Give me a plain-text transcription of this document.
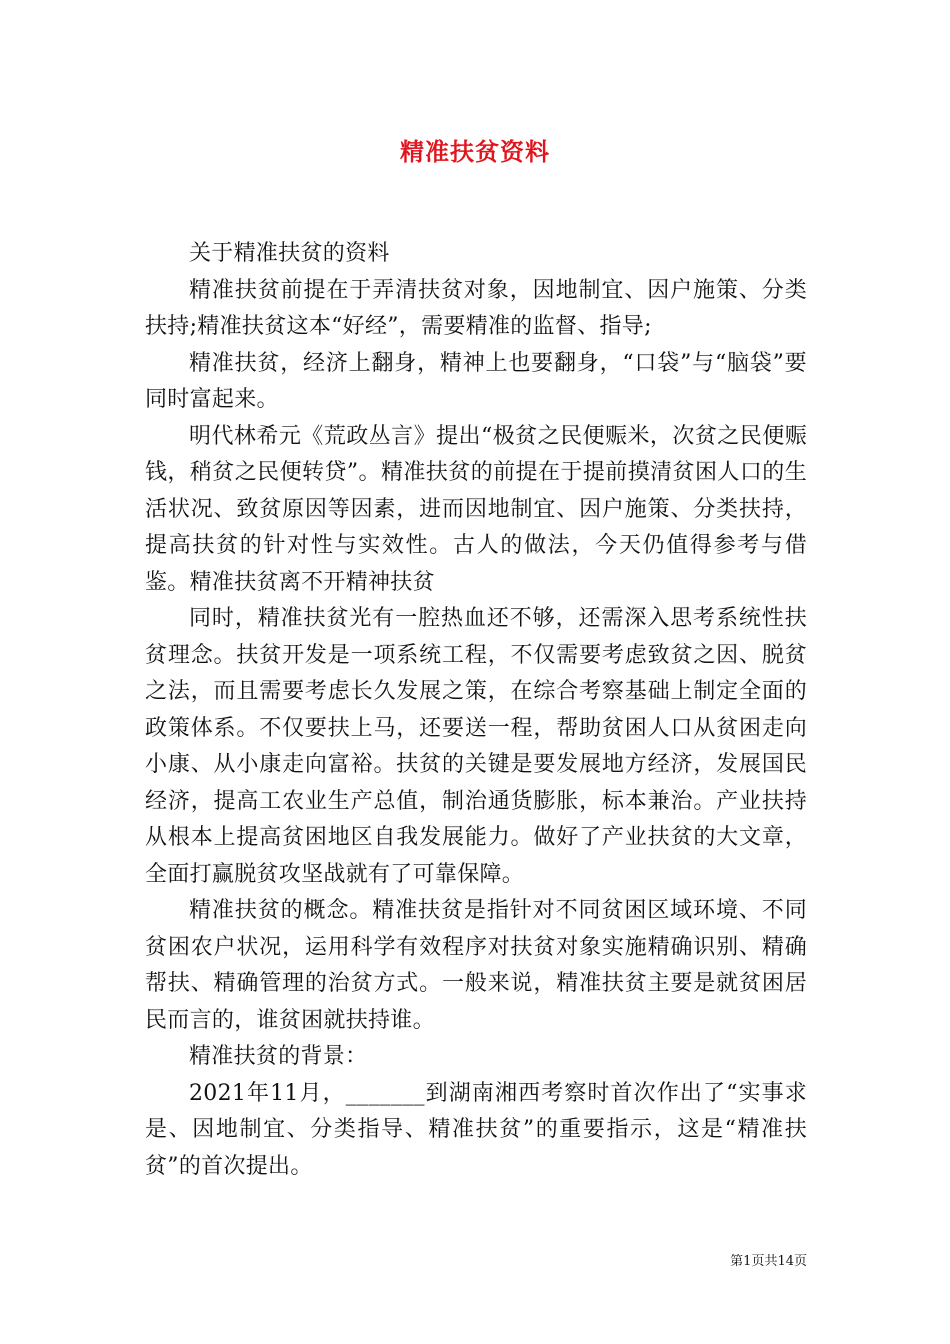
精准扶贫资料

关于精准扶贫的资料

精准扶贫前提在于弄清扶贫对象，因地制宜、因户施策、分类扶持;精准扶贫这本“好经”，需要精准的监督、指导;

精准扶贫，经济上翻身，精神上也要翻身，“口袋”与“脑袋”要同时富起来。

明代林希元《荒政丛言》提出“极贫之民便赈米，次贫之民便赈钱，稍贫之民便转贷”。精准扶贫的前提在于提前摸清贫困人口的生活状况、致贫原因等因素，进而因地制宜、因户施策、分类扶持，提高扶贫的针对性与实效性。古人的做法，今天仍值得参考与借鉴。精准扶贫离不开精神扶贫

同时，精准扶贫光有一腔热血还不够，还需深入思考系统性扶贫理念。扶贫开发是一项系统工程，不仅需要考虑致贫之因、脱贫之法，而且需要考虑长久发展之策，在综合考察基础上制定全面的政策体系。不仅要扶上马，还要送一程，帮助贫困人口从贫困走向小康、从小康走向富裕。扶贫的关键是要发展地方经济，发展国民经济，提高工农业生产总值，制治通货膨胀，标本兼治。产业扶持从根本上提高贫困地区自我发展能力。做好了产业扶贫的大文章，全面打赢脱贫攻坚战就有了可靠保障。

精准扶贫的概念。精准扶贫是指针对不同贫困区域环境、不同贫困农户状况，运用科学有效程序对扶贫对象实施精确识别、精确帮扶、精确管理的治贫方式。一般来说，精准扶贫主要是就贫困居民而言的，谁贫困就扶持谁。

精准扶贫的背景：

2021年11月，_______到湖南湘西考察时首次作出了“实事求是、因地制宜、分类指导、精准扶贫”的重要指示，这是“精准扶贫”的首次提出。

第1页共14页
